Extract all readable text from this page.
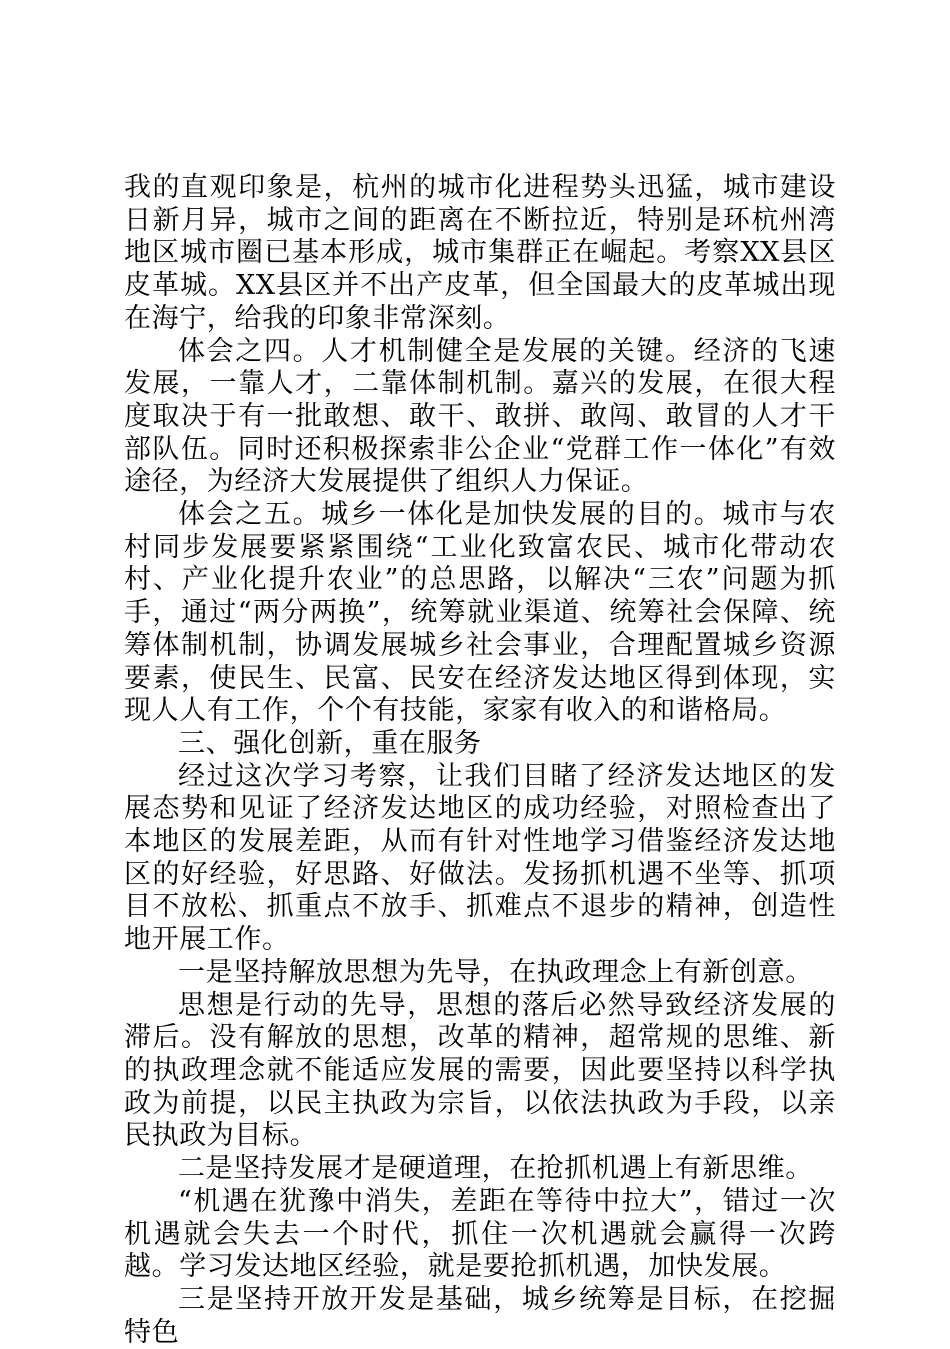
我的直观印象是，杭州的城市化进程势头迅猛，城市建设日新月异，城市之间的距离在不断拉近，特别是环杭州湾地区城市圈已基本形成，城市集群正在崛起。考察XX县区皮革城。XX县区并不出产皮革，但全国最大的皮革城出现在海宁，给我的印象非常深刻。

体会之四。人才机制健全是发展的关键。经济的飞速发展，一靠人才，二靠体制机制。嘉兴的发展，在很大程度取决于有一批敢想、敢干、敢拼、敢闯、敢冒的人才干部队伍。同时还积极探索非公企业“党群工作一体化”有效途径，为经济大发展提供了组织人力保证。

体会之五。城乡一体化是加快发展的目的。城市与农村同步发展要紧紧围绕“工业化致富农民、城市化带动农村、产业化提升农业”的总思路，以解决“三农”问题为抓手，通过“两分两换”，统筹就业渠道、统筹社会保障、统筹体制机制，协调发展城乡社会事业，合理配置城乡资源要素，使民生、民富、民安在经济发达地区得到体现，实现人人有工作，个个有技能，家家有收入的和谐格局。

三、强化创新，重在服务

经过这次学习考察，让我们目睹了经济发达地区的发展态势和见证了经济发达地区的成功经验，对照检查出了本地区的发展差距，从而有针对性地学习借鉴经济发达地区的好经验，好思路、好做法。发扬抓机遇不坐等、抓项目不放松、抓重点不放手、抓难点不退步的精神，创造性地开展工作。

一是坚持解放思想为先导，在执政理念上有新创意。

思想是行动的先导，思想的落后必然导致经济发展的滞后。没有解放的思想，改革的精神，超常规的思维、新的执政理念就不能适应发展的需要，因此要坚持以科学执政为前提，以民主执政为宗旨，以依法执政为手段，以亲民执政为目标。

二是坚持发展才是硬道理，在抢抓机遇上有新思维。

“机遇在犹豫中消失，差距在等待中拉大”，错过一次机遇就会失去一个时代，抓住一次机遇就会赢得一次跨越。学习发达地区经验，就是要抢抓机遇，加快发展。

三是坚持开放开发是基础，城乡统筹是目标，在挖掘特色
